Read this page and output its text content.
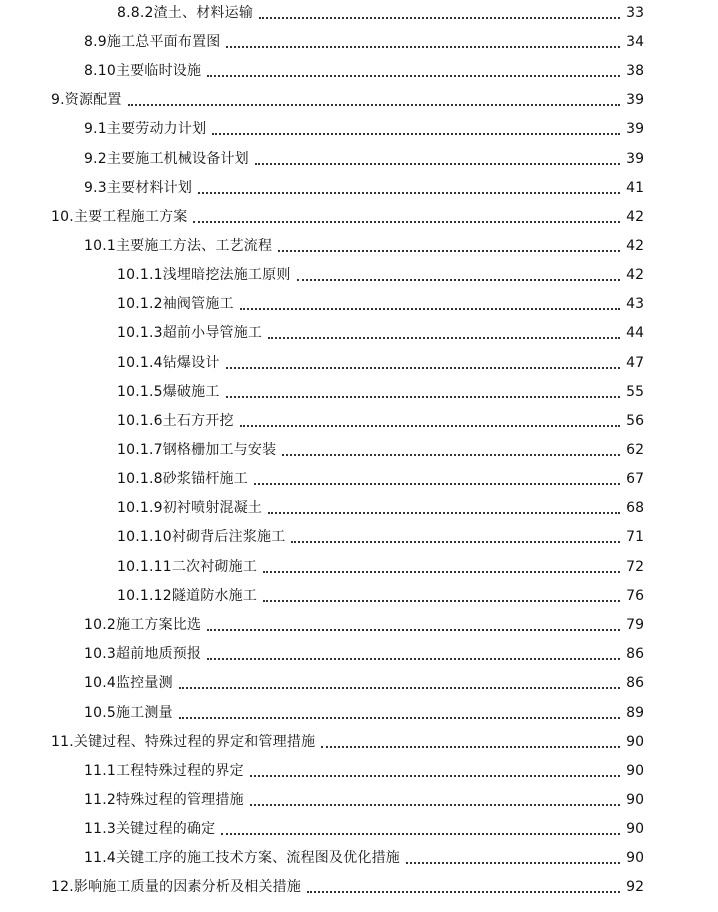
8.8.2渣土、材料运输	33
8.9施工总平面布置图	34
8.10主要临时设施	38
9.资源配置	39
9.1主要劳动力计划	39
9.2主要施工机械设备计划	39
9.3主要材料计划	41
10.主要工程施工方案	42
10.1主要施工方法、工艺流程	42
10.1.1浅埋暗挖法施工原则	42
10.1.2袖阀管施工	43
10.1.3超前小导管施工	44
10.1.4钻爆设计	47
10.1.5爆破施工	55
10.1.6土石方开挖	56
10.1.7钢格栅加工与安装	62
10.1.8砂浆锚杆施工	67
10.1.9初衬喷射混凝土	68
10.1.10衬砌背后注浆施工	71
10.1.11二次衬砌施工	72
10.1.12隧道防水施工	76
10.2施工方案比选	79
10.3超前地质预报	86
10.4监控量测	86
10.5施工测量	89
11.关键过程、特殊过程的界定和管理措施	90
11.1工程特殊过程的界定	90
11.2特殊过程的管理措施	90
11.3关键过程的确定	90
11.4关键工序的施工技术方案、流程图及优化措施	90
12.影响施工质量的因素分析及相关措施	92
